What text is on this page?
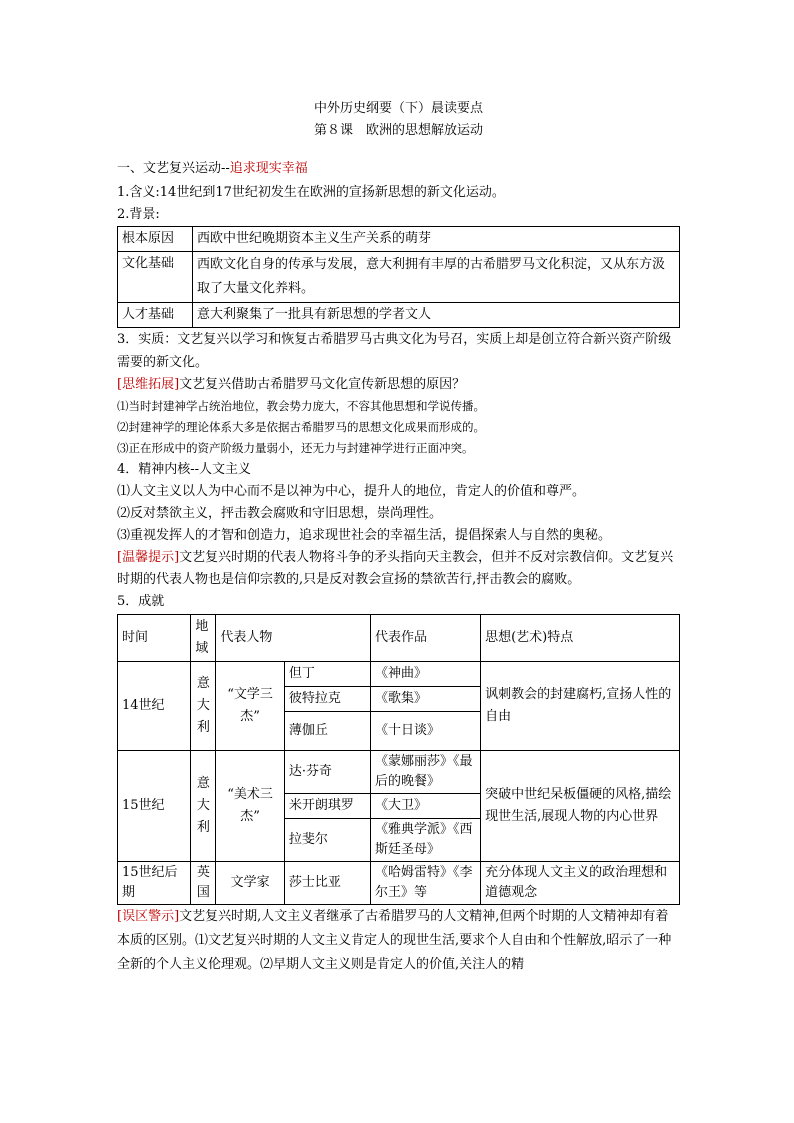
中外历史纲要（下）晨读要点
第８课　欧洲的思想解放运动

一、文艺复兴运动--追求现实幸福

1.含义:14世纪到17世纪初发生在欧洲的宣扬新思想的新文化运动。

2.背景:

根本原因	西欧中世纪晚期资本主义生产关系的萌芽
文化基础	西欧文化自身的传承与发展，意大利拥有丰厚的古希腊罗马文化积淀，又从东方汲取了大量文化养料。
人才基础	意大利聚集了一批具有新思想的学者文人

3．实质：文艺复兴以学习和恢复古希腊罗马古典文化为号召，实质上却是创立符合新兴资产阶级需要的新文化。

[思维拓展]文艺复兴借助古希腊罗马文化宣传新思想的原因？

⑴当时封建神学占统治地位，教会势力庞大，不容其他思想和学说传播。

⑵封建神学的理论体系大多是依据古希腊罗马的思想文化成果而形成的。

⑶正在形成中的资产阶级力量弱小，还无力与封建神学进行正面冲突。

4．精神内核--人文主义

⑴人文主义以人为中心而不是以神为中心，提升人的地位，肯定人的价值和尊严。

⑵反对禁欲主义，抨击教会腐败和守旧思想，崇尚理性。

⑶重视发挥人的才智和创造力，追求现世社会的幸福生活，提倡探索人与自然的奥秘。

[温馨提示]文艺复兴时期的代表人物将斗争的矛头指向天主教会，但并不反对宗教信仰。文艺复兴时期的代表人物也是信仰宗教的,只是反对教会宣扬的禁欲苦行,抨击教会的腐败。

5．成就

时间	地域	代表人物		代表作品	思想(艺术)特点
14世纪	意大利	“文学三杰”	但丁	《神曲》	讽刺教会的封建腐朽,宣扬人性的自由
			彼特拉克	《歌集》	
			薄伽丘	《十日谈》	
15世纪	意大利	“美术三杰”	达·芬奇	《蒙娜丽莎》《最后的晚餐》	突破中世纪呆板僵硬的风格,描绘现世生活,展现人物的内心世界
			米开朗琪罗	《大卫》	
			拉斐尔	《雅典学派》《西斯廷圣母》	
15世纪后期	英国	文学家	莎士比亚	《哈姆雷特》《李尔王》等	充分体现人文主义的政治理想和道德观念

[误区警示]文艺复兴时期,人文主义者继承了古希腊罗马的人文精神,但两个时期的人文精神却有着本质的区别。⑴文艺复兴时期的人文主义肯定人的现世生活,要求个人自由和个性解放,昭示了一种全新的个人主义伦理观。⑵早期人文主义则是肯定人的价值,关注人的精
